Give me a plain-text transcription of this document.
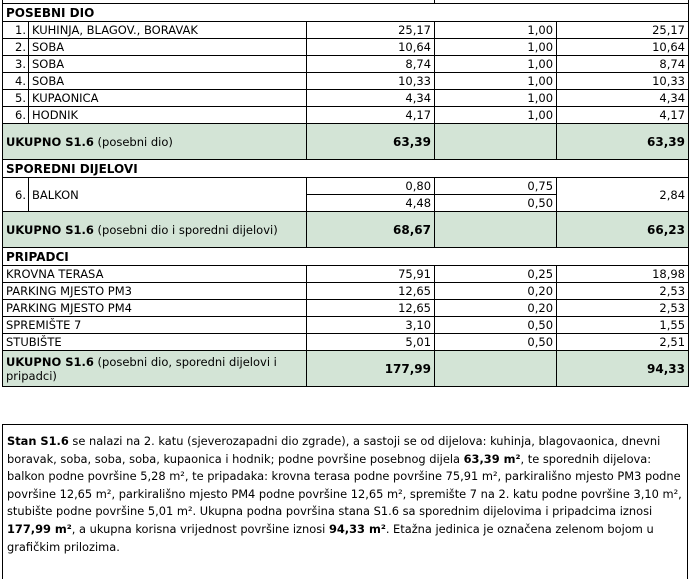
POSEBNI DIO				
1.	KUHINJA, BLAGOV., BORAVAK	25,17	1,00	25,17
2.	SOBA	10,64	1,00	10,64
3.	SOBA	8,74	1,00	8,74
4.	SOBA	10,33	1,00	10,33
5.	KUPAONICA	4,34	1,00	4,34
6.	HODNIK	4,17	1,00	4,17
UKUPNO S1.6 (posebni dio)		63,39		63,39
SPOREDNI DIJELOVI				
6.	BALKON	0,80	0,75	2,84
		4,48	0,50	
UKUPNO S1.6 (posebni dio i sporedni dijelovi)		68,67		66,23
PRIPADCI				
KROVNA TERASA		75,91	0,25	18,98
PARKING MJESTO PM3		12,65	0,20	2,53
PARKING MJESTO PM4		12,65	0,20	2,53
SPREMIŠTE 7		3,10	0,50	1,55
STUBIŠTE		5,01	0,50	2,51
UKUPNO S1.6 (posebni dio, sporedni dijelovi i pripadci)		177,99		94,33
Stan S1.6 se nalazi na 2. katu (sjeverozapadni dio zgrade), a sastoji se od dijelova: kuhinja, blagovaonica, dnevni boravak, soba, soba, soba, kupaonica i hodnik; podne površine posebnog dijela 63,39 m², te sporednih dijelova: balkon podne površine 5,28 m², te pripadaka: krovna terasa podne površine 75,91 m², parkirališno mjesto PM3 podne površine 12,65 m², parkirališno mjesto PM4 podne površine 12,65 m², spremište 7 na 2. katu podne površine 3,10 m², stubište podne površine 5,01 m². Ukupna podna površina stana S1.6 sa sporednim dijelovima i pripadcima iznosi 177,99 m², a ukupna korisna vrijednost površine iznosi 94,33 m². Etažna jedinica je označena zelenom bojom u grafičkim prilozima.
